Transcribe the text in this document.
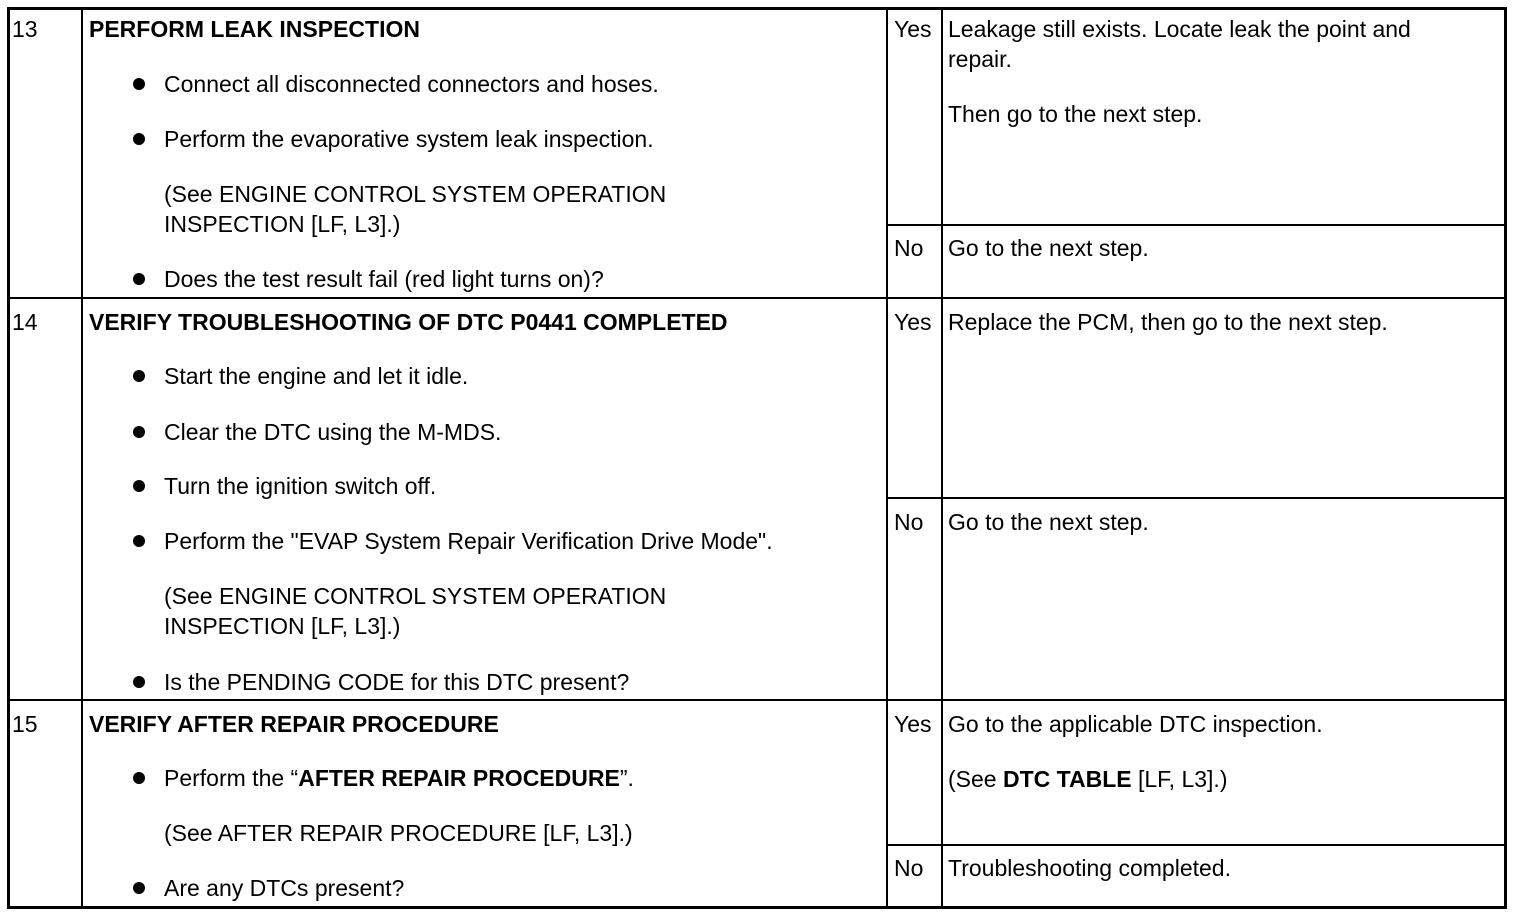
13 PERFORM LEAK INSPECTION
Connect all disconnected connectors and hoses.
Perform the evaporative system leak inspection.
(See ENGINE CONTROL SYSTEM OPERATION
INSPECTION [LF, L3].)
Does the test result fail (red light turns on)?
Yes Leakage still exists. Locate leak the point and
repair.
Then go to the next step.
No Go to the next step.
14 VERIFY TROUBLESHOOTING OF DTC P0441 COMPLETED
Start the engine and let it idle.
Clear the DTC using the M-MDS.
Turn the ignition switch off.
Perform the "EVAP System Repair Verification Drive Mode".
(See ENGINE CONTROL SYSTEM OPERATION
INSPECTION [LF, L3].)
Is the PENDING CODE for this DTC present?
Yes Replace the PCM, then go to the next step.
No Go to the next step.
15 VERIFY AFTER REPAIR PROCEDURE
Perform the “AFTER REPAIR PROCEDURE”.
(See AFTER REPAIR PROCEDURE [LF, L3].)
Are any DTCs present?
Yes Go to the applicable DTC inspection.
(See DTC TABLE [LF, L3].)
No Troubleshooting completed.
